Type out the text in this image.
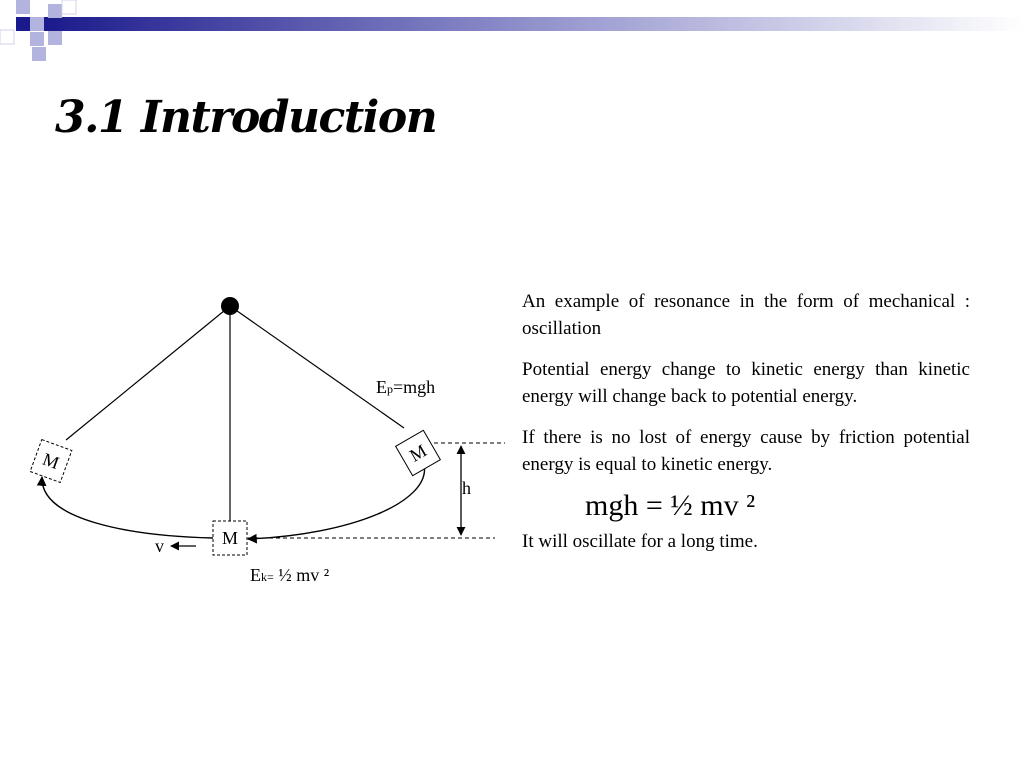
3.1 Introduction
h
M	M
M
v
Ep=mgh
Ek= ½ mv ²

An example of resonance in the form of mechanical : oscillation

Potential energy change to kinetic energy than kinetic energy will change back to potential energy.

If there is no lost of energy cause by friction potential energy is equal to kinetic energy.

mgh = ½ mv ²

It will oscillate for a long time.
